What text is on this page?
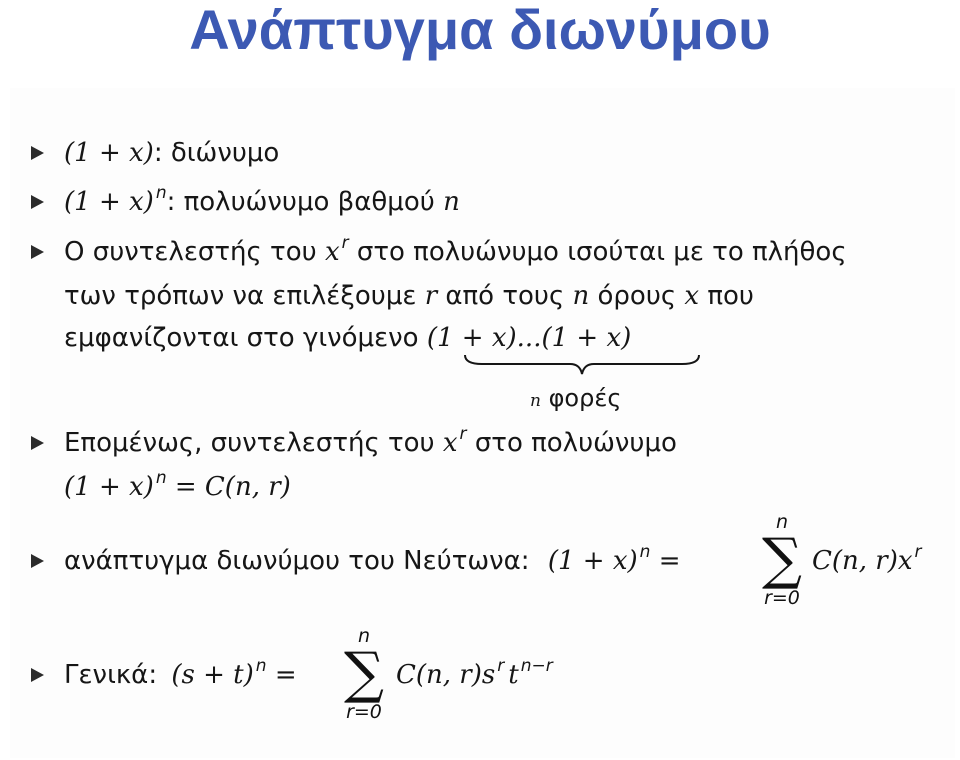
Ανάπτυγμα διωνύμου
(1 + x): διώνυμο
(1 + x) $^n$: πολυώνυμο βαθμού n
Ο συντελεστής του x $^r$ στο πολυώνυμο ισούται με το πλήθος
των τρόπων να επιλέξουμε r από τους n όρους x που
εμφανίζονται στο γινόμενο (1 + x)...(1 + x)
n φορές
Επομένως, συντελεστής του x $^r$ στο πολυώνυμο
(1 + x) $^n$ = C(n, r)
ανάπτυγμα διωνύμου του Νεύτωνα: (1 + x) $^n$ =
n
∑
r=0
C(n, r)x $^r$
Γενικά: (s + t) $^n$ =
n
∑
r=0
C(n, r)s $^r$ t $^{n-r}$
